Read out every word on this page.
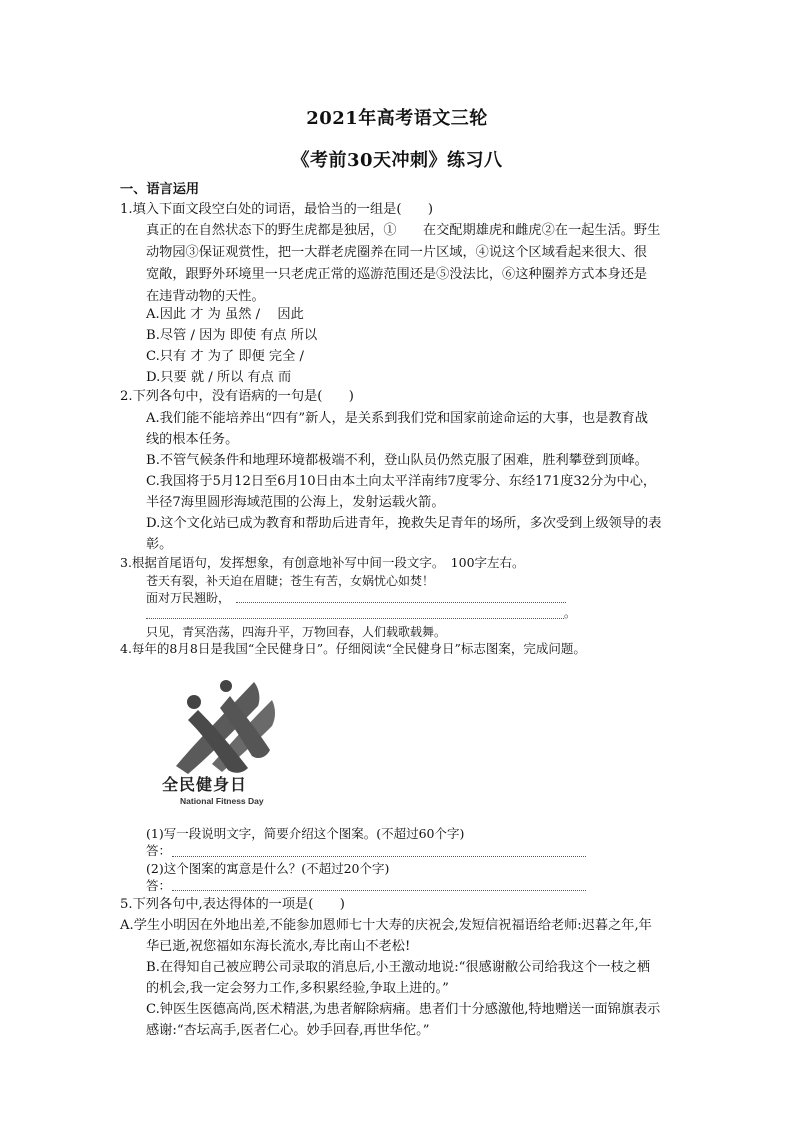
2021年高考语文三轮
《考前30天冲刺》练习八
一、语言运用
1.填入下面文段空白处的词语，最恰当的一组是(　　)
真正的在自然状态下的野生虎都是独居，①　　在交配期雄虎和雌虎②在一起生活。野生
动物园③保证观赏性，把一大群老虎圈养在同一片区域，④说这个区域看起来很大、很
宽敞，跟野外环境里一只老虎正常的巡游范围还是⑤没法比，⑥这种圈养方式本身还是
在违背动物的天性。
A.因此 才 为 虽然 /　 因此
B.尽管 / 因为 即使 有点 所以
C.只有 才 为了 即便 完全 /
D.只要 就 / 所以 有点 而
2.下列各句中，没有语病的一句是(　　)
A.我们能不能培养出“四有”新人，是关系到我们党和国家前途命运的大事，也是教育战
线的根本任务。
B.不管气候条件和地理环境都极端不利，登山队员仍然克服了困难，胜利攀登到顶峰。
C.我国将于5月12日至6月10日由本土向太平洋南纬7度零分、东经171度32分为中心，
半径7海里圆形海域范围的公海上，发射运载火箭。
D.这个文化站已成为教育和帮助后进青年，挽救失足青年的场所，多次受到上级领导的表
彰。
3.根据首尾语句，发挥想象，有创意地补写中间一段文字。　100字左右。
苍天有裂，补天迫在眉睫；苍生有苦，女娲忧心如焚！
面对万民翘盼，
。
只见，青冥浩荡，四海升平，万物回春，人们载歌载舞。
4.每年的8月8日是我国“全民健身日”。仔细阅读“全民健身日”标志图案，完成问题。
全民健身日
National Fitness Day
(1)写一段说明文字，简要介绍这个图案。(不超过60个字)
答：
(2)这个图案的寓意是什么？(不超过20个字)
答：
5.下列各句中,表达得体的一项是(　　)
A.学生小明因在外地出差,不能参加恩师七十大寿的庆祝会,发短信祝福语给老师:迟暮之年,年
华已逝,祝您福如东海长流水,寿比南山不老松!
B.在得知自己被应聘公司录取的消息后,小王激动地说:“很感谢敝公司给我这个一枝之栖
的机会,我一定会努力工作,多积累经验,争取上进的。”
C.钟医生医德高尚,医术精湛,为患者解除病痛。患者们十分感激他,特地赠送一面锦旗表示
感谢:“杏坛高手,医者仁心。妙手回春,再世华佗。”
